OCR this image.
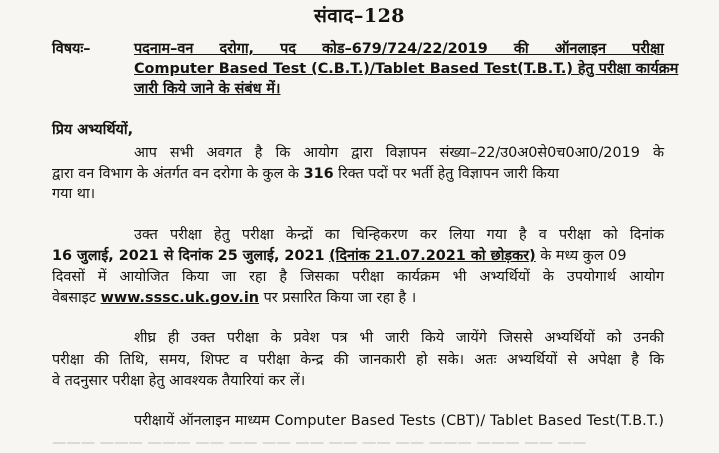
संवाद–128
विषयः–	पदनाम–वन दरोगा, पद कोड–679/724/22/2019 की ऑनलाइन परीक्षा
Computer Based Test (C.B.T.)/Tablet Based Test(T.B.T.) हेतु परीक्षा कार्यक्रम
जारी किये जाने के संबंध में।
प्रिय अभ्यर्थियों,
आप सभी अवगत है कि आयोग द्वारा विज्ञापन संख्या–22/उ0अ0से0च0आ0/2019 के
द्वारा वन विभाग के अंतर्गत वन दरोगा के कुल के 316 रिक्त पदों पर भर्ती हेतु विज्ञापन जारी किया
गया था।
उक्त परीक्षा हेतु परीक्षा केन्द्रों का चिन्हिकरण कर लिया गया है व परीक्षा को दिनांक
16 जुलाई, 2021 से दिनांक 25 जुलाई, 2021 (दिनांक 21.07.2021 को छोड़कर) के मध्य कुल 09
दिवसों में आयोजित किया जा रहा है जिसका परीक्षा कार्यक्रम भी अभ्यर्थियों के उपयोगार्थ आयोग
वेबसाइट www.sssc.uk.gov.in पर प्रसारित किया जा रहा है ।
शीघ्र ही उक्त परीक्षा के प्रवेश पत्र भी जारी किये जायेंगे जिससे अभ्यर्थियों को उनकी
परीक्षा की तिथि, समय, शिफ्ट व परीक्षा केन्द्र की जानकारी हो सके। अतः अभ्यर्थियों से अपेक्षा है कि
वे तदनुसार परीक्षा हेतु आवश्यक तैयारियां कर लें।
परीक्षायें ऑनलाइन माध्यम Computer Based Tests (CBT)/ Tablet Based Test(T.B.T.)
——— ——— ——— —— —— —— —— —— —— —— ——— ——— —— ——
